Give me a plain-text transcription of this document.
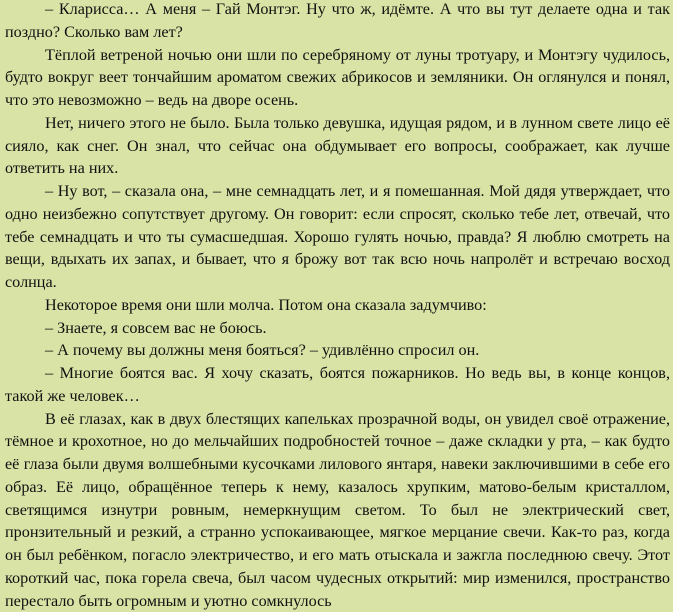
– Кларисса… А меня – Гай Монтэг. Ну что ж, идёмте. А что вы тут делаете одна и так поздно? Сколько вам лет?

Тёплой ветреной ночью они шли по серебряному от луны тротуару, и Монтэгу чудилось, будто вокруг веет тончайшим ароматом свежих абрикосов и земляники. Он оглянулся и понял, что это невозможно – ведь на дворе осень.

Нет, ничего этого не было. Была только девушка, идущая рядом, и в лунном свете лицо её сияло, как снег. Он знал, что сейчас она обдумывает его вопросы, соображает, как лучше ответить на них.

– Ну вот, – сказала она, – мне семнадцать лет, и я помешанная. Мой дядя утверждает, что одно неизбежно сопутствует другому. Он говорит: если спросят, сколько тебе лет, отвечай, что тебе семнадцать и что ты сумасшедшая. Хорошо гулять ночью, правда? Я люблю смотреть на вещи, вдыхать их запах, и бывает, что я брожу вот так всю ночь напролёт и встречаю восход солнца.

Некоторое время они шли молча. Потом она сказала задумчиво:

– Знаете, я совсем вас не боюсь.

– А почему вы должны меня бояться? – удивлённо спросил он.

– Многие боятся вас. Я хочу сказать, боятся пожарников. Но ведь вы, в конце концов, такой же человек…

В её глазах, как в двух блестящих капельках прозрачной воды, он увидел своё отражение, тёмное и крохотное, но до мельчайших подробностей точное – даже складки у рта, – как будто её глаза были двумя волшебными кусочками лилового янтаря, навеки заключившими в себе его образ. Её лицо, обращённое теперь к нему, казалось хрупким, матово-белым кристаллом, светящимся изнутри ровным, немеркнущим светом. То был не электрический свет, пронзительный и резкий, а странно успокаивающее, мягкое мерцание свечи. Как-то раз, когда он был ребёнком, погасло электричество, и его мать отыскала и зажгла последнюю свечу. Этот короткий час, пока горела свеча, был часом чудесных открытий: мир изменился, пространство перестало быть огромным и уютно сомкнулось
